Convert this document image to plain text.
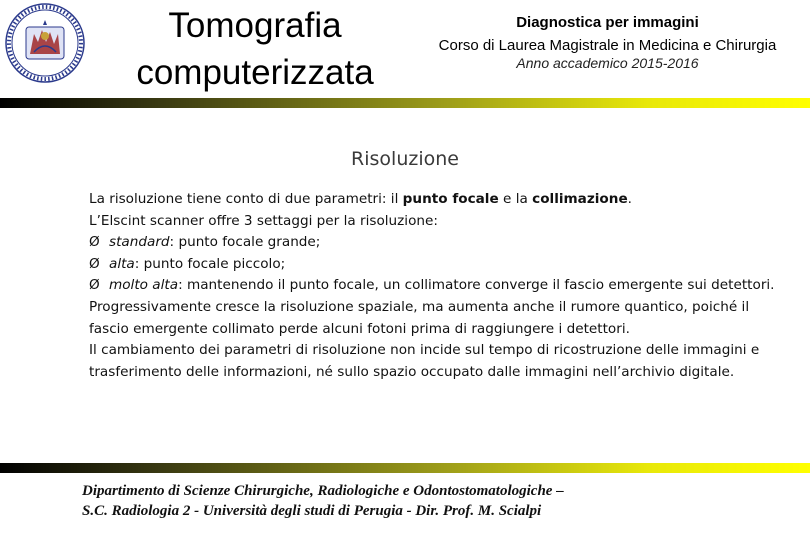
Tomografia
computerizzata
Diagnostica per immagini
Corso di Laurea Magistrale in Medicina e Chirurgia
Anno accademico 2015-2016
Risoluzione

La risoluzione tiene conto di due parametri: il punto focale e la collimazione.

L’Elscint scanner offre 3 settaggi per la risoluzione:

Ø standard: punto focale grande;

Ø alta: punto focale piccolo;

Ø molto alta: mantenendo il punto focale, un collimatore converge il fascio emergente sui detettori.

Progressivamente cresce la risoluzione spaziale, ma aumenta anche il rumore quantico, poiché il fascio emergente collimato perde alcuni fotoni prima di raggiungere i detettori.

Il cambiamento dei parametri di risoluzione non incide sul tempo di ricostruzione delle immagini e trasferimento delle informazioni, né sullo spazio occupato dalle immagini nell’archivio digitale.

Dipartimento di Scienze Chirurgiche, Radiologiche e Odontostomatologiche –
S.C. Radiologia 2 - Università degli studi di Perugia - Dir. Prof. M. Scialpi
